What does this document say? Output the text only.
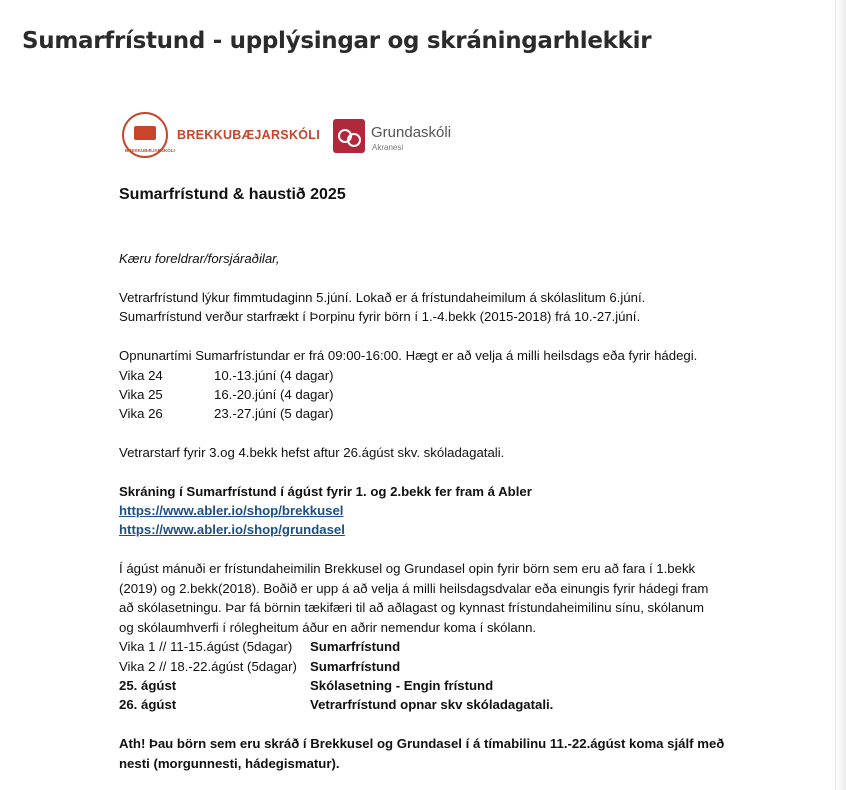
Sumarfrístund - upplýsingar og skráningarhlekkir
BREKKUBÆJARSKÓLI
BREKKUBÆJARSKÓLI	Grundaskóli
Akranesi
Sumarfrístund & haustið 2025
Kæru foreldrar/forsjáraðilar,
Vetrarfrístund lýkur fimmtudaginn 5.júní. Lokað er á frístundaheimilum á skólaslitum 6.júní.
Sumarfrístund verður starfrækt í Þorpinu fyrir börn í 1.-4.bekk (2015-2018) frá 10.-27.júní.
Opnunartími Sumarfrístundar er frá 09:00-16:00. Hægt er að velja á milli heilsdags eða fyrir hádegi.
Vika 24	10.-13.júní (4 dagar)
Vika 25	16.-20.júní (4 dagar)
Vika 26	23.-27.júní (5 dagar)
Vetrarstarf fyrir 3.og 4.bekk hefst aftur 26.ágúst skv. skóladagatali.
Skráning í Sumarfrístund í ágúst fyrir 1. og 2.bekk fer fram á Abler
https://www.abler.io/shop/brekkusel
https://www.abler.io/shop/grundasel
Í ágúst mánuði er frístundaheimilin Brekkusel og Grundasel opin fyrir börn sem eru að fara í 1.bekk
(2019) og 2.bekk(2018). Boðið er upp á að velja á milli heilsdagsdvalar eða einungis fyrir hádegi fram
að skólasetningu. Þar fá börnin tækifæri til að aðlagast og kynnast frístundaheimilinu sínu, skólanum
og skólaumhverfi í rólegheitum áður en aðrir nemendur koma í skólann.
Vika 1 // 11-15.ágúst (5dagar) Sumarfrístund
Vika 2 // 18.-22.ágúst (5dagar) Sumarfrístund
25. ágúst	Skólasetning - Engin frístund
26. ágúst	Vetrarfrístund opnar skv skóladagatali.
Ath! Þau börn sem eru skráð í Brekkusel og Grundasel í á tímabilinu 11.-22.ágúst koma sjálf með
nesti (morgunnesti, hádegismatur).
